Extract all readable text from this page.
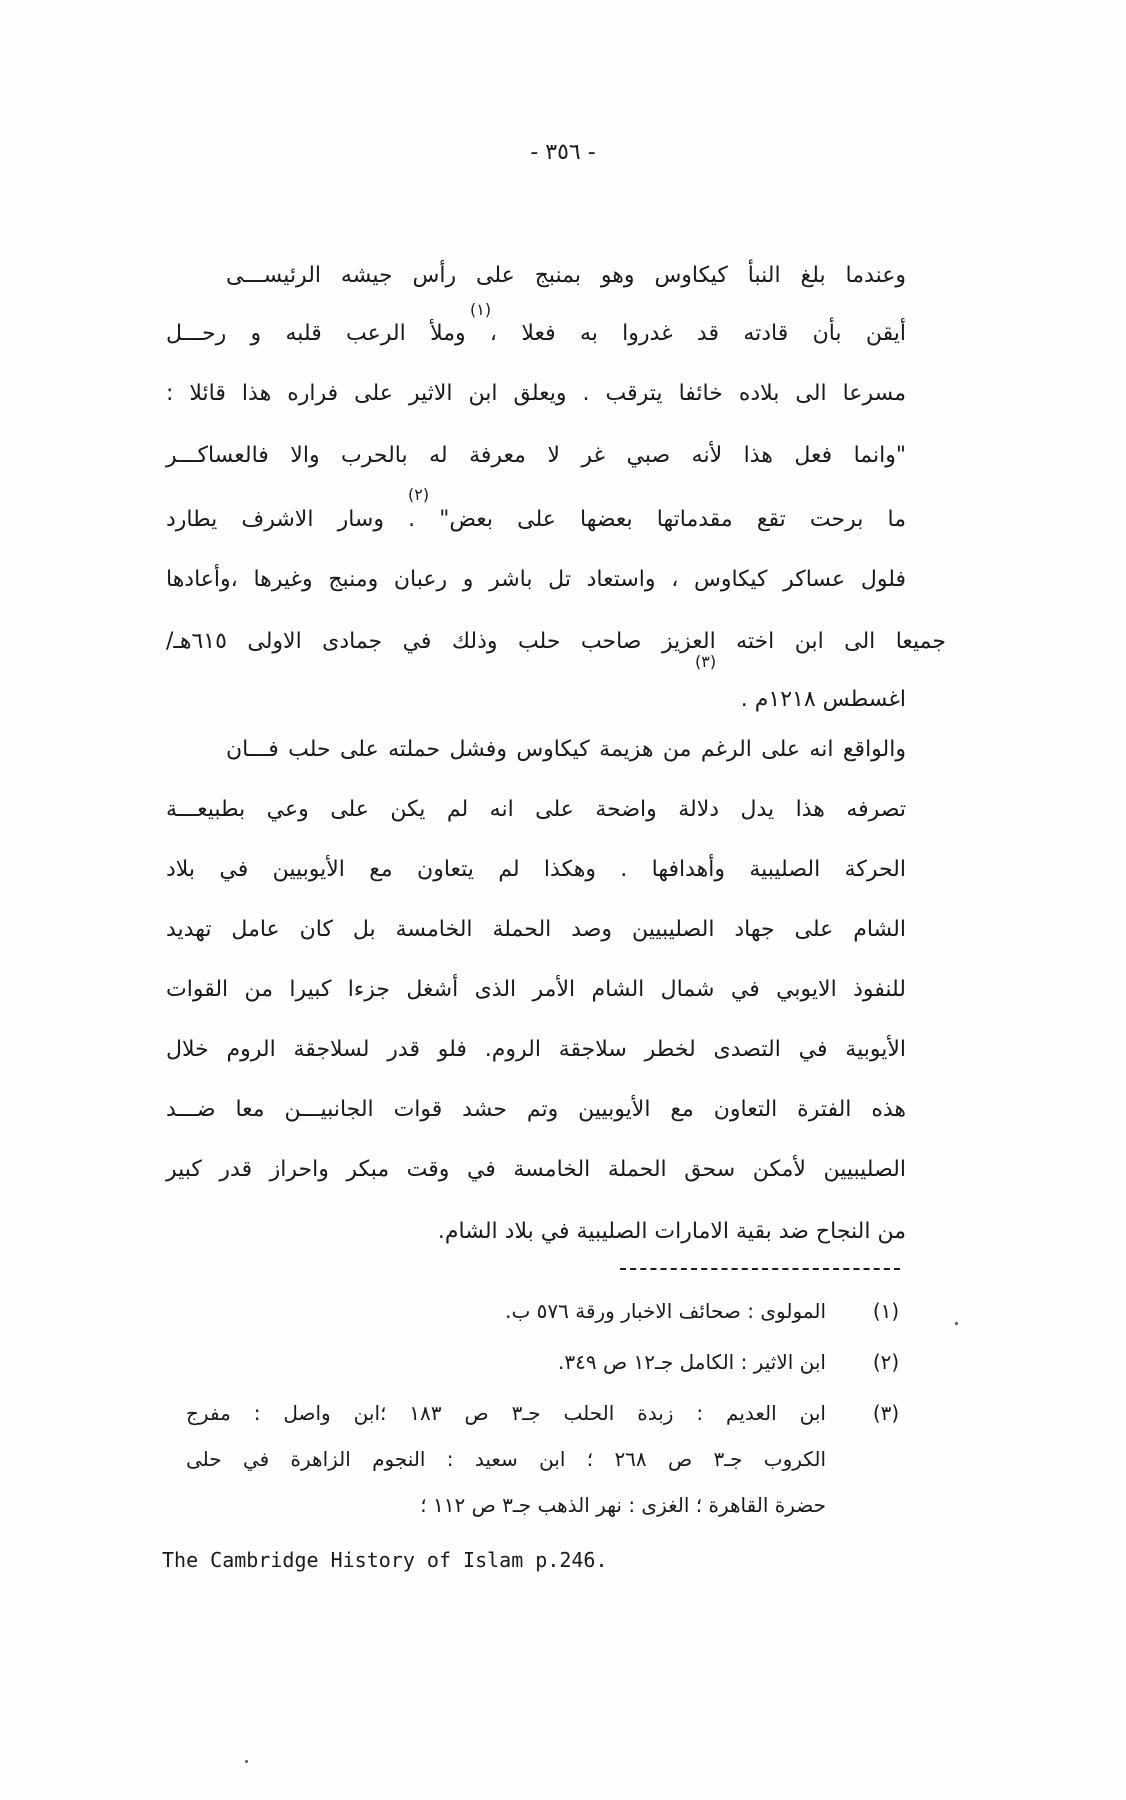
- ٣٥٦ -
وعندما بلغ النبأ كيكاوس وهو بمنبج على رأس جيشه الرئيســـى
أيقن بأن قادته قد غدروا به فعلا ، وملأ الرعب قلبه و رحـــل
مسرعا الى بلاده خائفا يترقب . ويعلق ابن الاثير على فراره هذا قائلا :
"وانما فعل هذا لأنه صبي غر لا معرفة له بالحرب والا فالعساكـــر
ما برحت تقع مقدماتها بعضها على بعض" . وسار الاشرف يطارد
فلول عساكر كيكاوس ، واستعاد تل باشر و رعبان ومنبج وغيرها ،وأعادها
جميعا الى ابن اخته العزيز صاحب حلب وذلك في جمادى الاولى ٦١٥هـ/
اغسطس ١٢١٨م .
(١)
(٢)
(٣)
والواقع انه على الرغم من هزيمة كيكاوس وفشل حملته على حلب فـــان
تصرفه هذا يدل دلالة واضحة على انه لم يكن على وعي بطبيعـــة
الحركة الصليبية وأهدافها . وهكذا لم يتعاون مع الأيوبيين في بلاد
الشام على جهاد الصليبيين وصد الحملة الخامسة بل كان عامل تهديد
للنفوذ الايوبي في شمال الشام الأمر الذى أشغل جزءا كبيرا من القوات
الأيوبية في التصدى لخطر سلاجقة الروم. فلو قدر لسلاجقة الروم خلال
هذه الفترة التعاون مع الأيوبيين وتم حشد قوات الجانبيـــن معا ضـــد
الصليبيين لأمكن سحق الحملة الخامسة في وقت مبكر واحراز قدر كبير
من النجاح ضد بقية الامارات الصليبية في بلاد الشام.
(١)
المولوى : صحائف الاخبار ورقة ٥٧٦ ب.
(٢)
ابن الاثير : الكامل جـ١٢ ص ٣٤٩.
(٣)
ابن العديم : زبدة الحلب جـ٣ ص ١٨٣ ؛ابن واصل : مفرج
الكروب جـ٣ ص ٢٦٨ ؛ ابن سعيد : النجوم الزاهرة في حلى
حضرة القاهرة ؛ الغزى : نهر الذهب جـ٣ ص ١١٢ ؛
The Cambridge History of Islam p.246.
